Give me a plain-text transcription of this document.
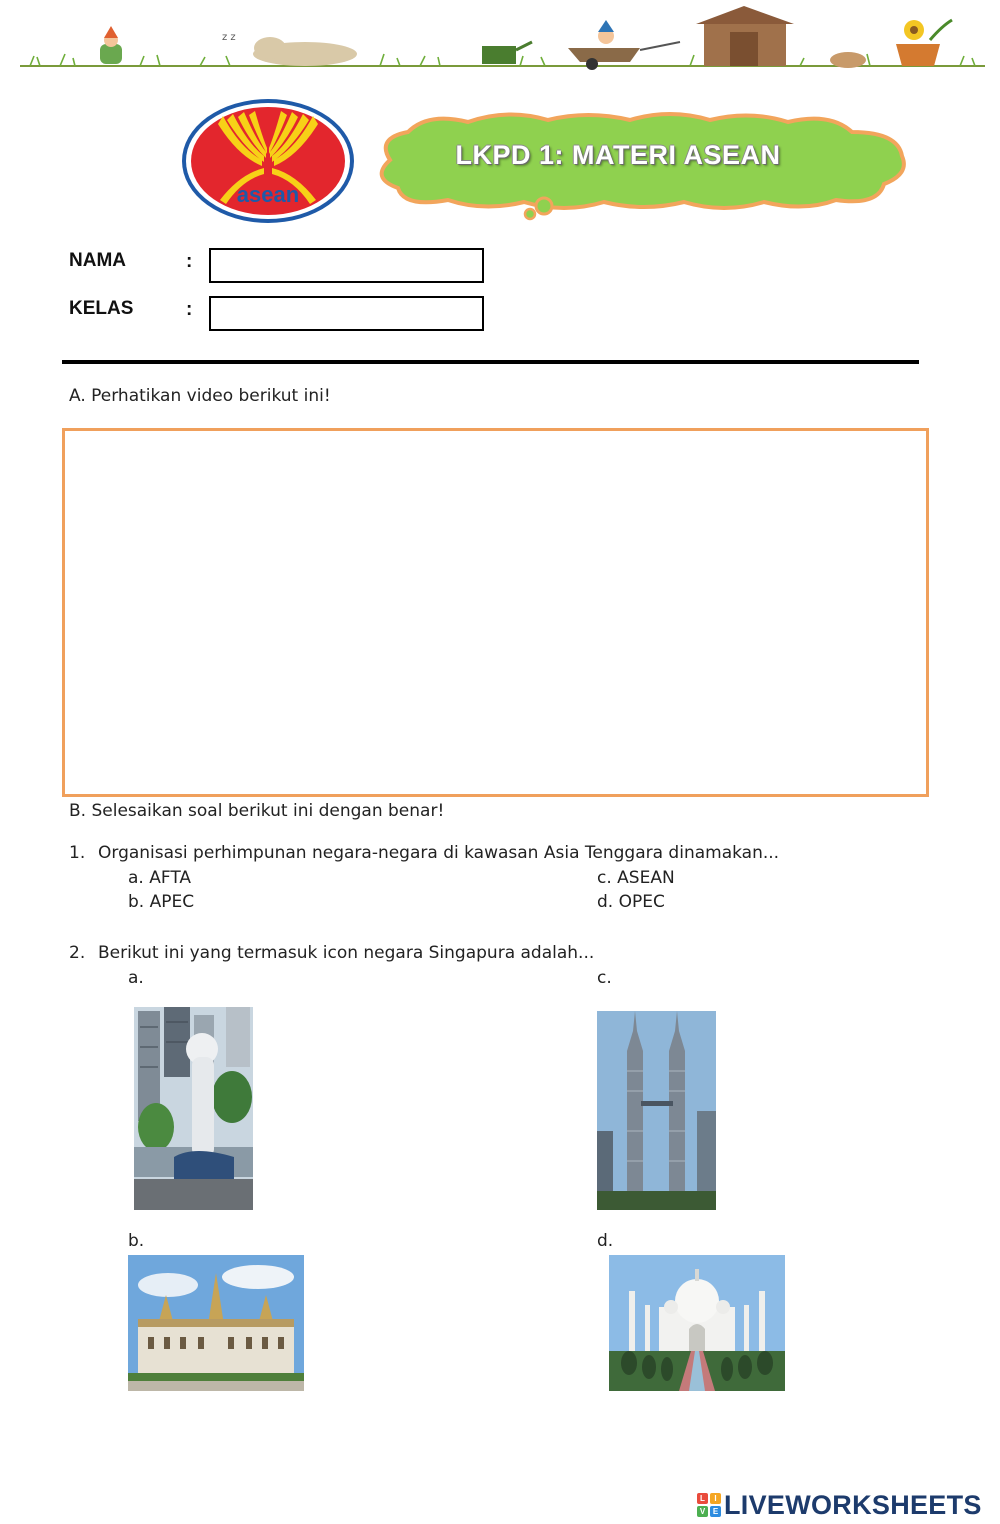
z z
asean
LKPD 1: MATERI ASEAN
NAMA	:
KELAS	:
A. Perhatikan video berikut ini!
B. Selesaikan soal berikut ini dengan benar!
1. Organisasi perhimpunan negara-negara di kawasan Asia Tenggara dinamakan...
a. AFTA
b. APEC
c. ASEAN
d. OPEC
2. Berikut ini yang termasuk icon negara Singapura adalah...
a.	c.
b.	d.
L	I
V E LIVEWORKSHEETS
